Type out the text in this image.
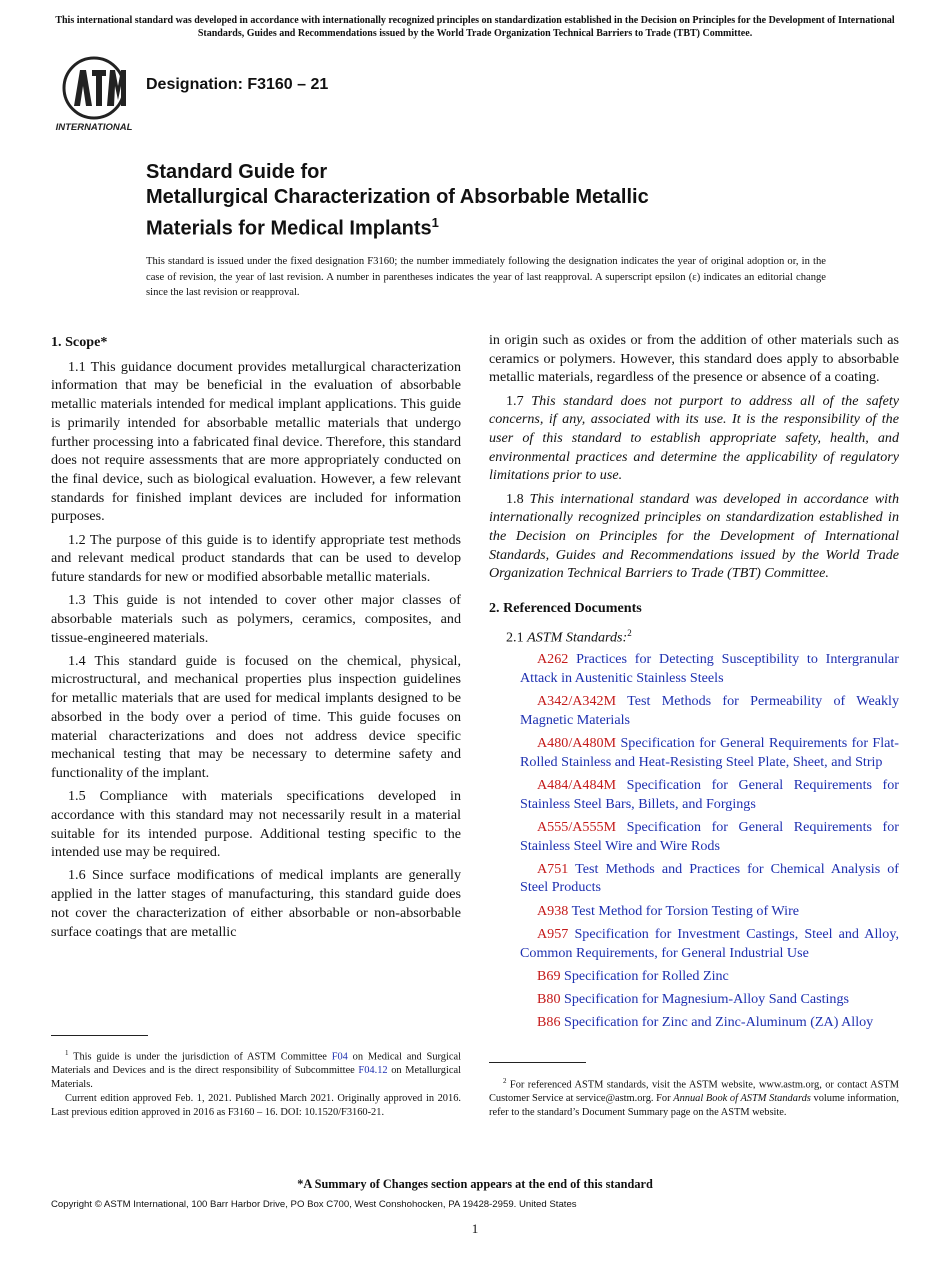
This international standard was developed in accordance with internationally recognized principles on standardization established in the Decision on Principles for the Development of International Standards, Guides and Recommendations issued by the World Trade Organization Technical Barriers to Trade (TBT) Committee.
INTERNATIONAL
Designation: F3160 – 21
Standard Guide for
Metallurgical Characterization of Absorbable Metallic
Materials for Medical Implants$^1$
This standard is issued under the fixed designation F3160; the number immediately following the designation indicates the year of original adoption or, in the case of revision, the year of last revision. A number in parentheses indicates the year of last reapproval. A superscript epsilon (ε) indicates an editorial change since the last revision or reapproval.
1. Scope*

1.1 This guidance document provides metallurgical characterization information that may be beneficial in the evaluation of absorbable metallic materials intended for medical implant applications. This guide is primarily intended for absorbable metallic materials that undergo further processing into a fabricated final device. Therefore, this standard does not require assessments that are more appropriately conducted on the final device, such as biological evaluation. However, a few relevant standards for finished implant devices are included for information purposes.

1.2 The purpose of this guide is to identify appropriate test methods and relevant medical product standards that can be used to develop future standards for new or modified absorbable metallic materials.

1.3 This guide is not intended to cover other major classes of absorbable materials such as polymers, ceramics, composites, and tissue-engineered materials.

1.4 This standard guide is focused on the chemical, physical, microstructural, and mechanical properties plus inspection guidelines for metallic materials that are used for medical implants designed to be absorbed in the body over a period of time. This guide focuses on material characterizations and does not address device specific mechanical testing that may be necessary to determine safety and functionality of the implant.

1.5 Compliance with materials specifications developed in accordance with this standard may not necessarily result in a material suitable for its intended purpose. Additional testing specific to the intended use may be required.

1.6 Since surface modifications of medical implants are generally applied in the latter stages of manufacturing, this standard guide does not cover the characterization of either absorbable or non-absorbable surface coatings that are metallic

in origin such as oxides or from the addition of other materials such as ceramics or polymers. However, this standard does apply to absorbable metallic materials, regardless of the presence or absence of a coating.

1.7 This standard does not purport to address all of the safety concerns, if any, associated with its use. It is the responsibility of the user of this standard to establish appropriate safety, health, and environmental practices and determine the applicability of regulatory limitations prior to use.

1.8 This international standard was developed in accordance with internationally recognized principles on standardization established in the Decision on Principles for the Development of International Standards, Guides and Recommendations issued by the World Trade Organization Technical Barriers to Trade (TBT) Committee.

2. Referenced Documents
2.1 ASTM Standards:$^2$

A262 Practices for Detecting Susceptibility to Intergranular Attack in Austenitic Stainless Steels

A342/A342M Test Methods for Permeability of Weakly Magnetic Materials

A480/A480M Specification for General Requirements for Flat-Rolled Stainless and Heat-Resisting Steel Plate, Sheet, and Strip

A484/A484M Specification for General Requirements for Stainless Steel Bars, Billets, and Forgings

A555/A555M Specification for General Requirements for Stainless Steel Wire and Wire Rods

A751 Test Methods and Practices for Chemical Analysis of Steel Products

A938 Test Method for Torsion Testing of Wire

A957 Specification for Investment Castings, Steel and Alloy, Common Requirements, for General Industrial Use

B69 Specification for Rolled Zinc

B80 Specification for Magnesium-Alloy Sand Castings

B86 Specification for Zinc and Zinc-Aluminum (ZA) Alloy

$^1$ This guide is under the jurisdiction of ASTM Committee F04 on Medical and Surgical Materials and Devices and is the direct responsibility of Subcommittee F04.12 on Metallurgical Materials.

Current edition approved Feb. 1, 2021. Published March 2021. Originally approved in 2016. Last previous edition approved in 2016 as F3160 – 16. DOI: 10.1520/F3160-21.

$^2$ For referenced ASTM standards, visit the ASTM website, www.astm.org, or contact ASTM Customer Service at service@astm.org. For Annual Book of ASTM Standards volume information, refer to the standard’s Document Summary page on the ASTM website.

*A Summary of Changes section appears at the end of this standard
Copyright © ASTM International, 100 Barr Harbor Drive, PO Box C700, West Conshohocken, PA 19428-2959. United States
1
